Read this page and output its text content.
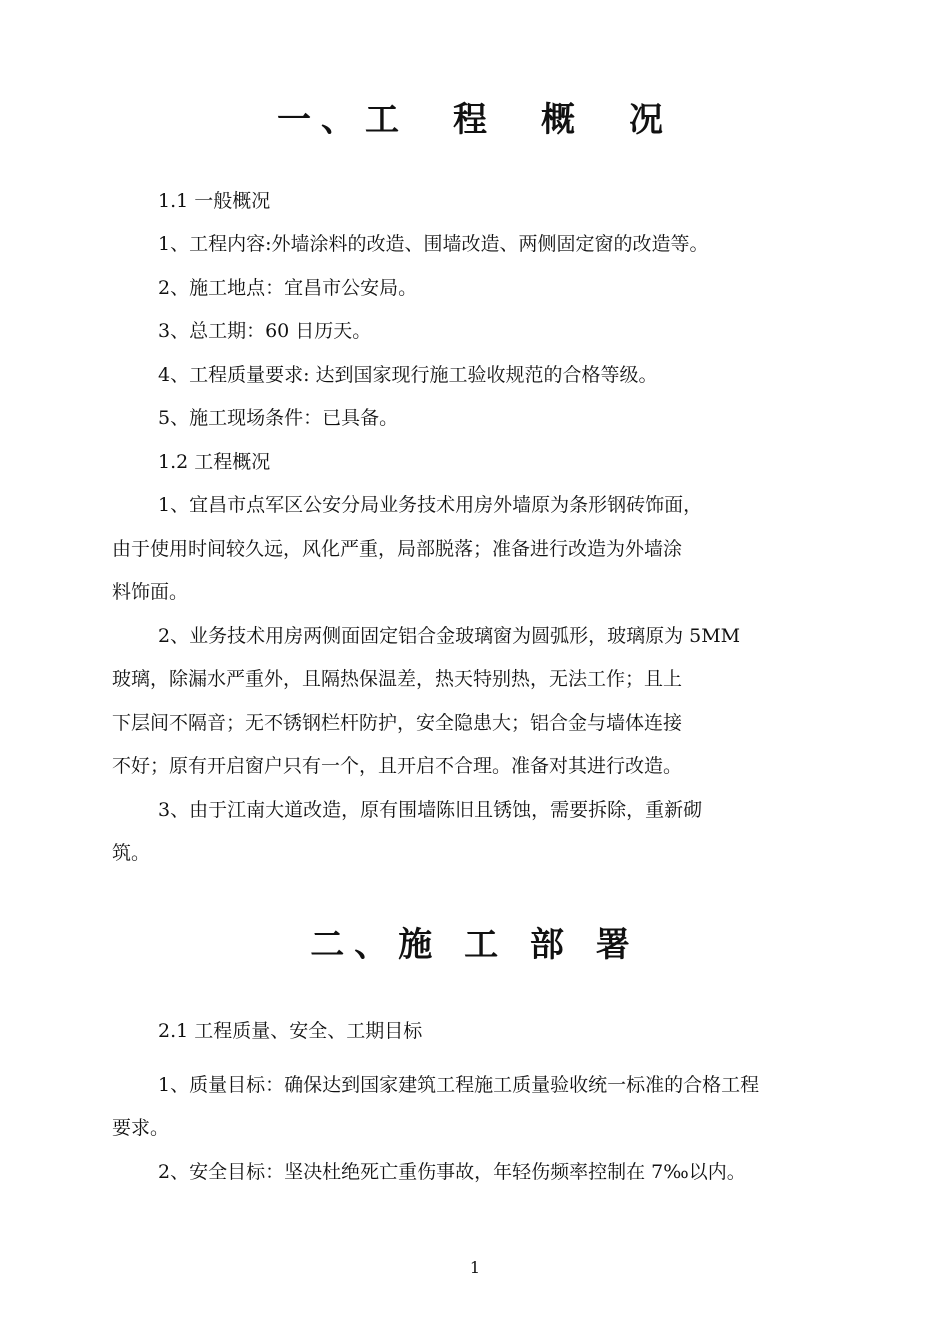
一、工　程　概　况
1.1 一般概况
1、工程内容:外墙涂料的改造、围墙改造、两侧固定窗的改造等。
2、施工地点：宜昌市公安局。
3、总工期：60 日历天。
4、工程质量要求: 达到国家现行施工验收规范的合格等级。
5、施工现场条件：已具备。
1.2 工程概况
1、宜昌市点军区公安分局业务技术用房外墙原为条形钢砖饰面，
由于使用时间较久远，风化严重，局部脱落；准备进行改造为外墙涂
料饰面。
2、业务技术用房两侧面固定铝合金玻璃窗为圆弧形，玻璃原为 5MM
玻璃，除漏水严重外，且隔热保温差，热天特别热，无法工作；且上
下层间不隔音；无不锈钢栏杆防护，安全隐患大；铝合金与墙体连接
不好；原有开启窗户只有一个，且开启不合理。准备对其进行改造。
3、由于江南大道改造，原有围墙陈旧且锈蚀，需要拆除，重新砌
筑。
二、施 工 部 署
2.1 工程质量、安全、工期目标
1、质量目标：确保达到国家建筑工程施工质量验收统一标准的合格工程
要求。
2、安全目标：坚决杜绝死亡重伤事故，年轻伤频率控制在 7‰以内。
1
